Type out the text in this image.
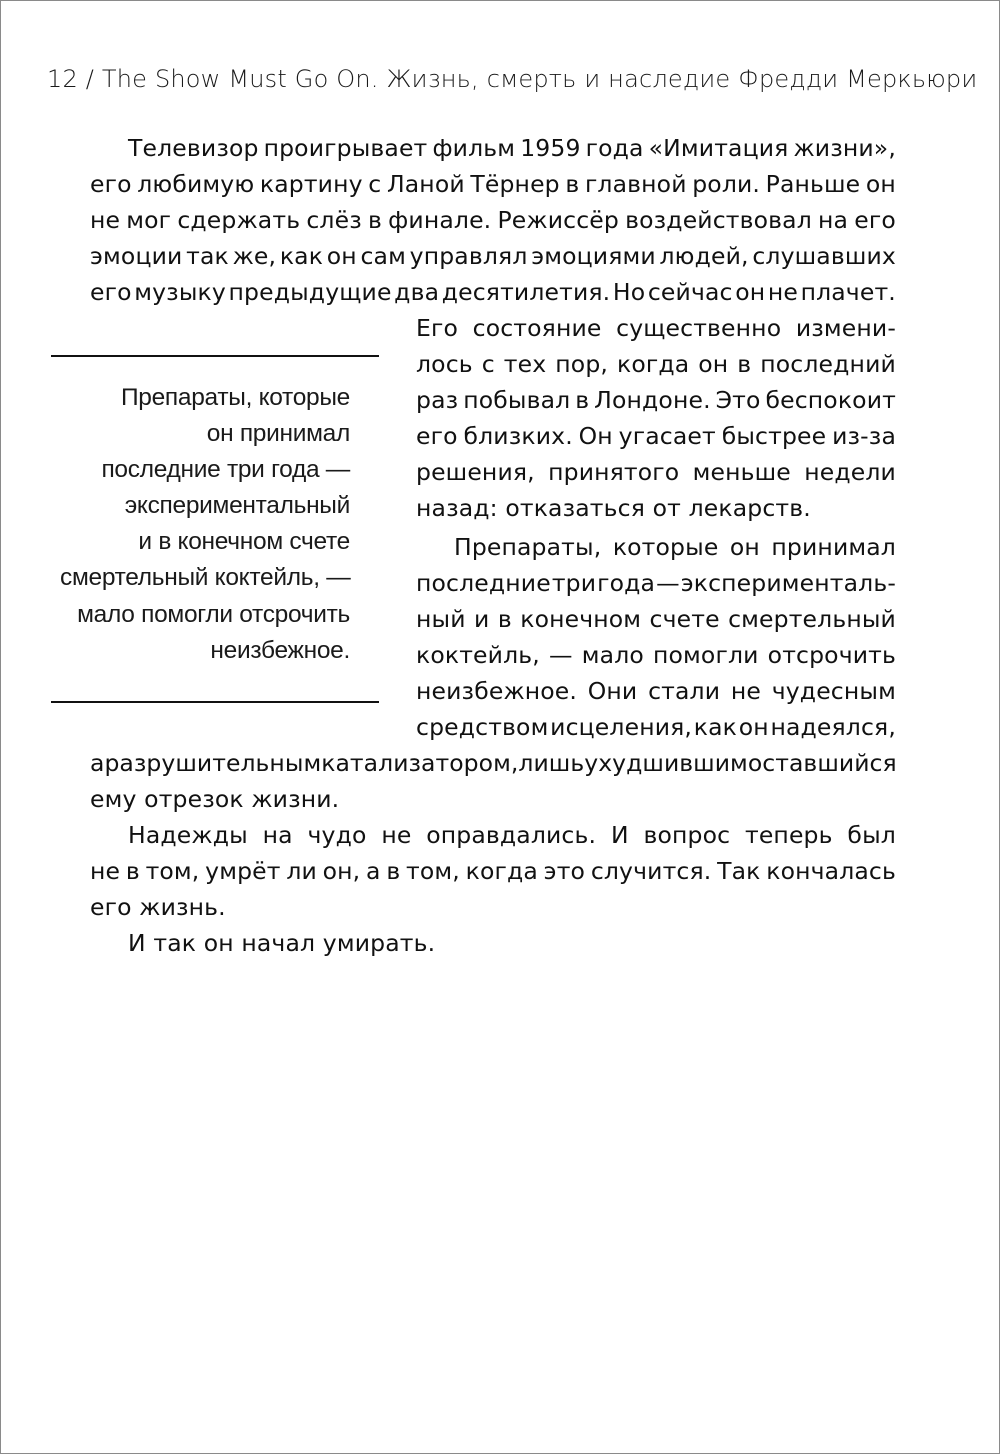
12 / The Show Must Go On. Жизнь, смерть и наследие Фредди Меркьюри
Препараты, которые
он принимал
последние три года —
экспериментальный
и в конечном счете
смертельный коктейль, —
мало помогли отсрочить
неизбежное.
Телевизор проигрывает фильм 1959 года «Имитация жизни»,
его любимую картину с Ланой Тёрнер в главной роли. Раньше он
не мог сдержать слёз в финале. Режиссёр воздействовал на его
эмоции так же, как он сам управлял эмоциями людей, слушавших
его музыку предыдущие два десятилетия. Но сейчас он не плачет.
Его состояние существенно измени-
лось с тех пор, когда он в последний
раз побывал в Лондоне. Это беспокоит
его близких. Он угасает быстрее из-за
решения, принятого меньше недели
назад: отказаться от лекарств.
Препараты, которые он принимал
последние три года — эксперименталь-
ный и в конечном счете смертельный
коктейль, — мало помогли отсрочить
неизбежное. Они стали не чудесным
средством исцеления, как он надеялся,
а разрушительным катализатором, лишь ухудшившим оставшийся
ему отрезок жизни.
Надежды на чудо не оправдались. И вопрос теперь был
не в том, умрёт ли он, а в том, когда это случится. Так кончалась
его жизнь.
И так он начал умирать.
